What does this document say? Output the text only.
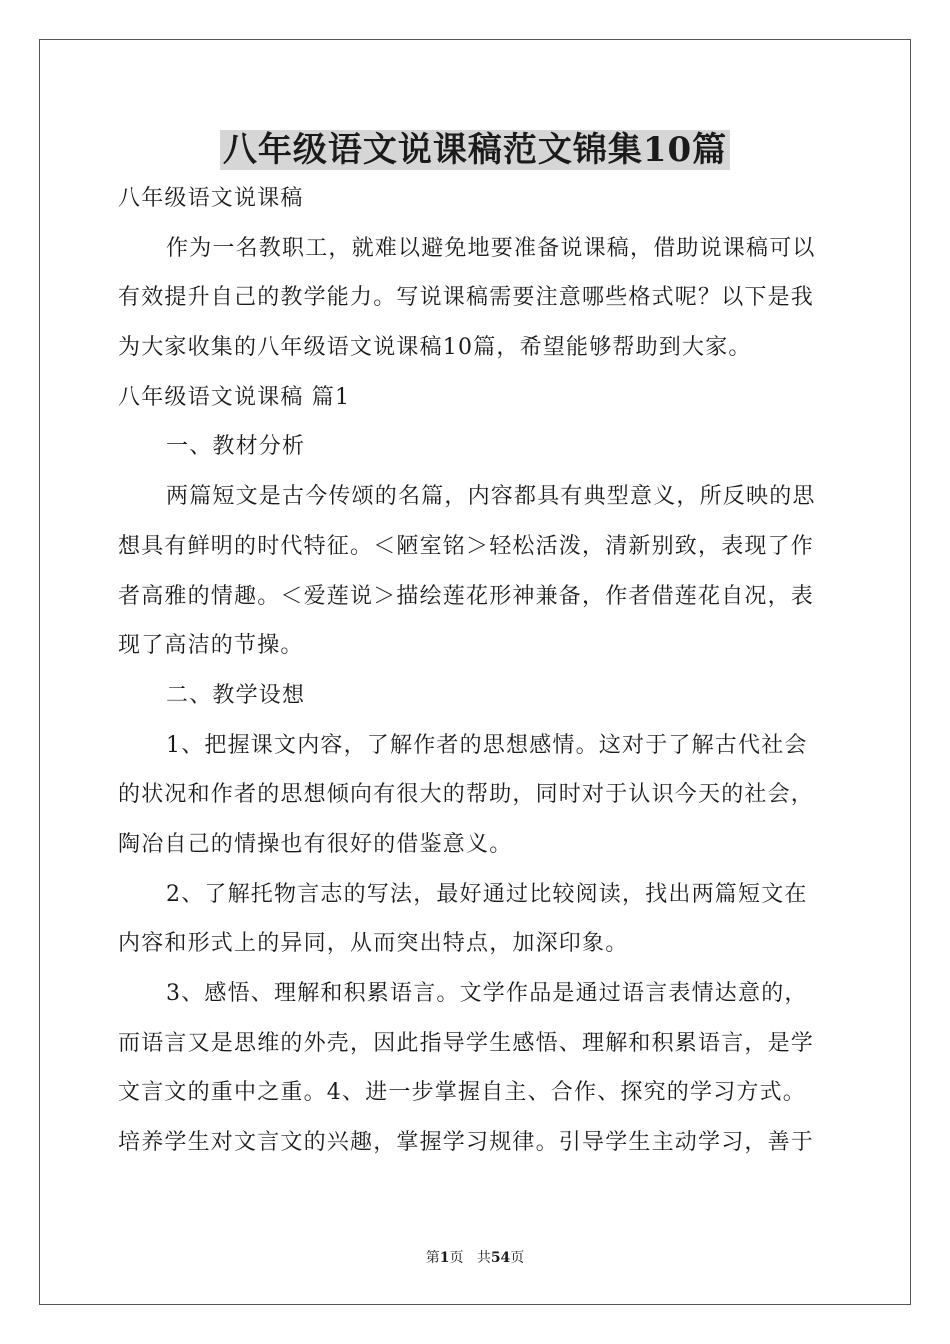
八年级语文说课稿范文锦集10篇

八年级语文说课稿

作为一名教职工，就难以避免地要准备说课稿，借助说课稿可以

有效提升自己的教学能力。写说课稿需要注意哪些格式呢？以下是我

为大家收集的八年级语文说课稿10篇，希望能够帮助到大家。

八年级语文说课稿 篇1

一、教材分析

两篇短文是古今传颂的名篇，内容都具有典型意义，所反映的思

想具有鲜明的时代特征。＜陋室铭＞轻松活泼，清新别致，表现了作

者高雅的情趣。＜爱莲说＞描绘莲花形神兼备，作者借莲花自况，表

现了高洁的节操。

二、教学设想

1、把握课文内容，了解作者的思想感情。这对于了解古代社会

的状况和作者的思想倾向有很大的帮助，同时对于认识今天的社会，

陶冶自己的情操也有很好的借鉴意义。

2、了解托物言志的写法，最好通过比较阅读，找出两篇短文在

内容和形式上的异同，从而突出特点，加深印象。

3、感悟、理解和积累语言。文学作品是通过语言表情达意的，

而语言又是思维的外壳，因此指导学生感悟、理解和积累语言，是学

文言文的重中之重。4、进一步掌握自主、合作、探究的学习方式。

培养学生对文言文的兴趣，掌握学习规律。引导学生主动学习，善于

第1页 共54页
